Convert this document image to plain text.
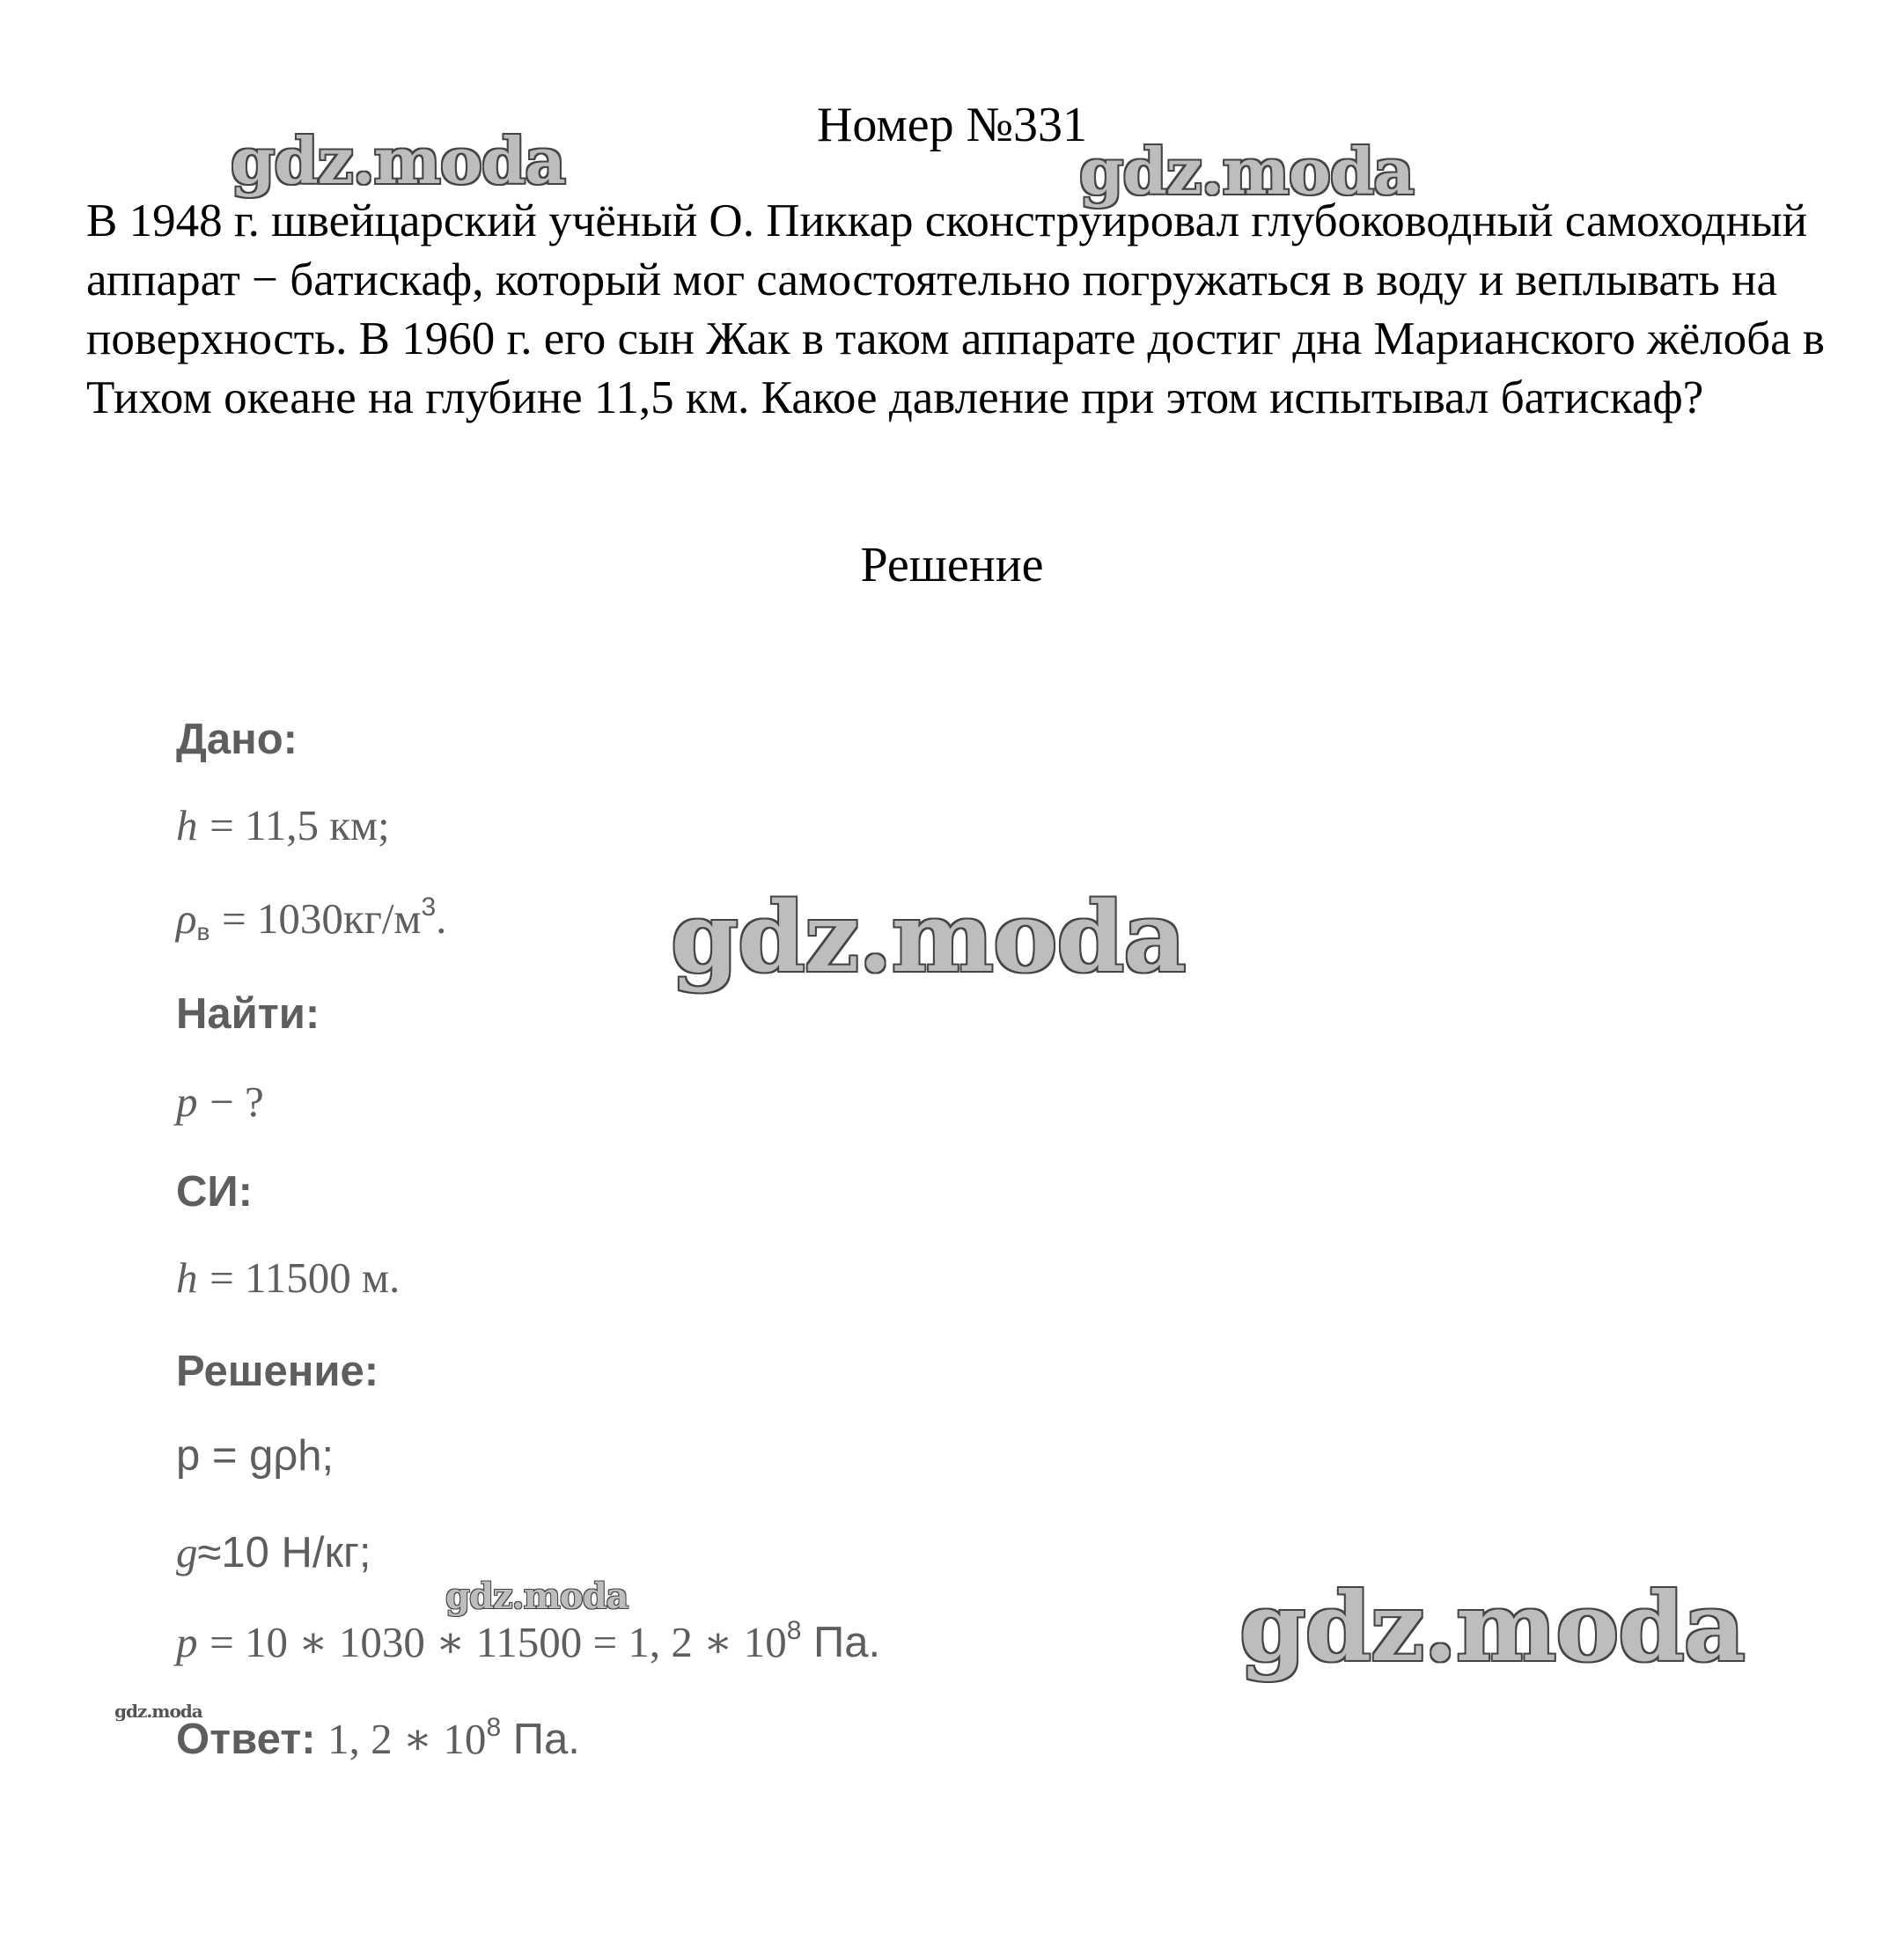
Номер №331

В 1948 г. швейцарский учёный О. Пиккар сконструировал глубоководный самоходный аппарат − батискаф, который мог самостоятельно погружаться в воду и веплывать на поверхность. В 1960 г. его сын Жак в таком аппарате достиг дна Марианского жёлоба в Тихом океане на глубине 11,5 км. Какое давление при этом испытывал батискаф?

Решение
Дано:
h = 11,5 км;
$\rho_в = 1030кг/м^3$.
Найти:
p − ?
СИ:
h = 11500 м.
Решение:
p = gρh;
g≈10 Н/кг;
p = 10 ∗ 1030 ∗ 11500 = 1, 2 ∗ $10^8$ Па.
Ответ: 1, 2 ∗ $10^8$ Па.
gdz.moda	gdz.moda
gdz.moda
gdz.moda	gdz.moda
gdz.moda
